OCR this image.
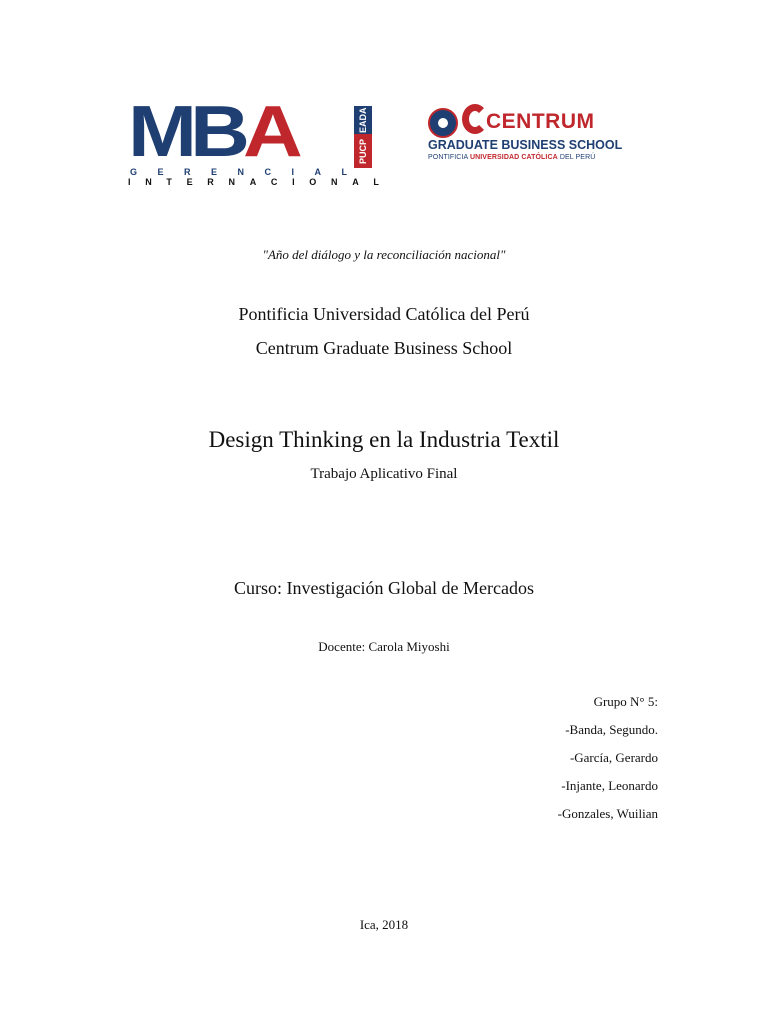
MBA	EADA
PUCP
GERENCIAL
INTERNACIONAL
CENTRUM
GRADUATE BUSINESS SCHOOL
PONTIFICIA UNIVERSIDAD CATÓLICA DEL PERÚ
"Año del diálogo y la reconciliación nacional"
Pontificia Universidad Católica del Perú
Centrum Graduate Business School
Design Thinking en la Industria Textil
Trabajo Aplicativo Final
Curso: Investigación Global de Mercados
Docente: Carola Miyoshi
Grupo N° 5:
-Banda, Segundo.
-García, Gerardo
-Injante, Leonardo
-Gonzales, Wuilian
Ica, 2018
